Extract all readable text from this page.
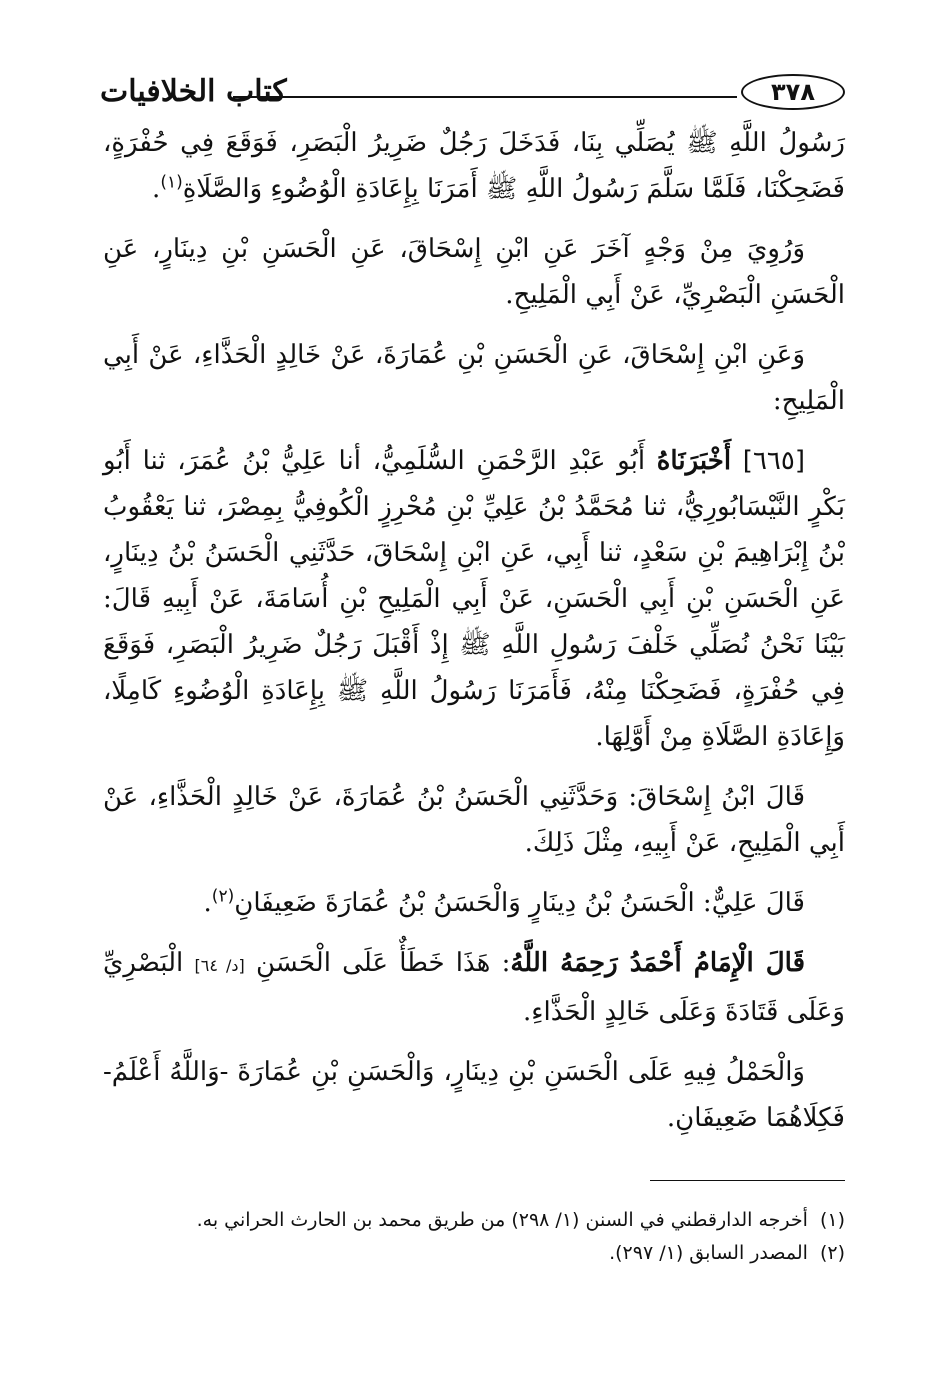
كتاب الخلافيات	٣٧٨

رَسُولُ اللَّهِ ﷺ يُصَلِّي بِنَا، فَدَخَلَ رَجُلٌ ضَرِيرُ الْبَصَرِ، فَوَقَعَ فِي حُفْرَةٍ، فَضَحِكْنَا، فَلَمَّا سَلَّمَ رَسُولُ اللَّهِ ﷺ أَمَرَنَا بِإِعَادَةِ الْوُضُوءِ وَالصَّلَاةِ$^{(١)}$.

وَرُوِيَ مِنْ وَجْهٍ آخَرَ عَنِ ابْنِ إِسْحَاقَ، عَنِ الْحَسَنِ بْنِ دِينَارٍ، عَنِ الْحَسَنِ الْبَصْرِيِّ، عَنْ أَبِي الْمَلِيحِ.

وَعَنِ ابْنِ إِسْحَاقَ، عَنِ الْحَسَنِ بْنِ عُمَارَةَ، عَنْ خَالِدٍ الْحَذَّاءِ، عَنْ أَبِي الْمَلِيحِ:

[٦٦٥] أَخْبَرَنَاهُ أَبُو عَبْدِ الرَّحْمَنِ السُّلَمِيُّ، أنا عَلِيُّ بْنُ عُمَرَ، ثنا أَبُو بَكْرٍ النَّيْسَابُورِيُّ، ثنا مُحَمَّدُ بْنُ عَلِيِّ بْنِ مُحْرِزٍ الْكُوفِيُّ بِمِصْرَ، ثنا يَعْقُوبُ بْنُ إِبْرَاهِيمَ بْنِ سَعْدٍ، ثنا أَبِي، عَنِ ابْنِ إِسْحَاقَ، حَدَّثَنِي الْحَسَنُ بْنُ دِينَارٍ، عَنِ الْحَسَنِ بْنِ أَبِي الْحَسَنِ، عَنْ أَبِي الْمَلِيحِ بْنِ أُسَامَةَ، عَنْ أَبِيهِ قَالَ: بَيْنَا نَحْنُ نُصَلِّي خَلْفَ رَسُولِ اللَّهِ ﷺ إِذْ أَقْبَلَ رَجُلٌ ضَرِيرُ الْبَصَرِ، فَوَقَعَ فِي حُفْرَةٍ، فَضَحِكْنَا مِنْهُ، فَأَمَرَنَا رَسُولُ اللَّهِ ﷺ بِإِعَادَةِ الْوُضُوءِ كَامِلًا، وَإِعَادَةِ الصَّلَاةِ مِنْ أَوَّلِهَا.

قَالَ ابْنُ إِسْحَاقَ: وَحَدَّثَنِي الْحَسَنُ بْنُ عُمَارَةَ، عَنْ خَالِدٍ الْحَذَّاءِ، عَنْ أَبِي الْمَلِيحِ، عَنْ أَبِيهِ، مِثْلَ ذَلِكَ.

قَالَ عَلِيٌّ: الْحَسَنُ بْنُ دِينَارٍ وَالْحَسَنُ بْنُ عُمَارَةَ ضَعِيفَانِ$^{(٢)}$.

قَالَ الْإِمَامُ أَحْمَدُ رَحِمَهُ اللَّهُ: هَذَا خَطَأٌ عَلَى الْحَسَنِ [د/ ٦٤] الْبَصْرِيِّ وَعَلَى قَتَادَةَ وَعَلَى خَالِدٍ الْحَذَّاءِ.

وَالْحَمْلُ فِيهِ عَلَى الْحَسَنِ بْنِ دِينَارٍ، وَالْحَسَنِ بْنِ عُمَارَةَ -وَاللَّهُ أَعْلَمُ- فَكِلَاهُمَا ضَعِيفَانِ.

(١)أخرجه الدارقطني في السنن (١/ ٢٩٨) من طريق محمد بن الحارث الحراني به.

(٢)المصدر السابق (١/ ٢٩٧).
